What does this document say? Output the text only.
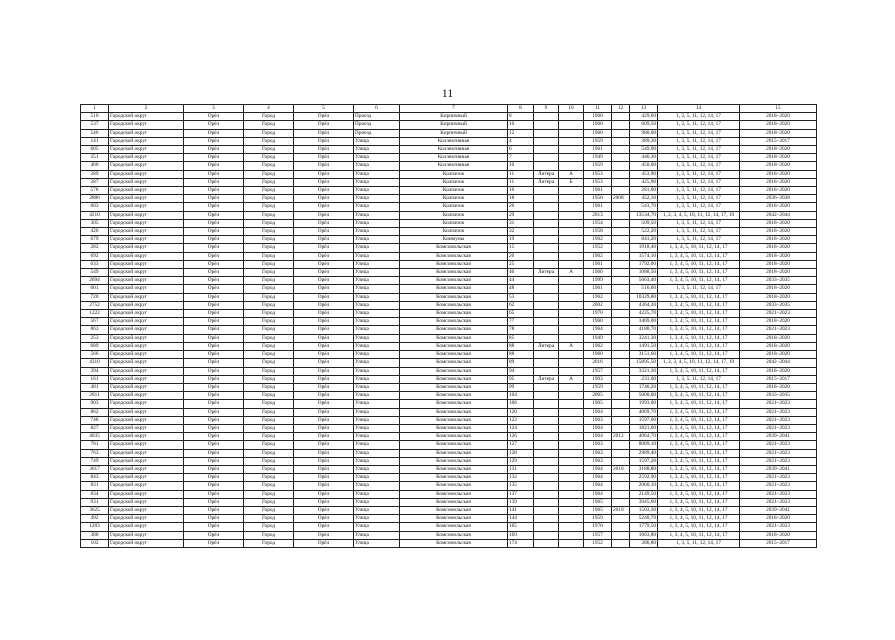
11
1	2	3	4	5	6	7	8	9	10	11	12	13	14	15
510	Городской округ	Орёл	Город	Орёл	Проезд	Кирпичный	8			1960		429,60	1, 3, 5, 11, 12, 14, 17	2018–2020
537	Городской округ	Орёл	Город	Орёл	Проезд	Кирпичный	10			1960		609,50	1, 3, 5, 11, 12, 14, 17	2018–2020
546	Городской округ	Орёл	Город	Орёл	Проезд	Кирпичный	12			1960		980,00	1, 3, 5, 11, 12, 14, 17	2018–2020
141	Городской округ	Орёл	Город	Орёл	Улица	Коллективная	4			1959		389,30	1, 3, 5, 11, 12, 14, 17	2015–2017
605	Городской округ	Орёл	Город	Орёл	Улица	Коллективная	6			1961		549,90	1, 3, 5, 11, 12, 14, 17	2018–2020
251	Городской округ	Орёл	Город	Орёл	Улица	Коллективная	7			1949		446,30	1, 3, 5, 11, 12, 14, 17	2018–2020
460	Городской округ	Орёл	Город	Орёл	Улица	Коллективная	10			1959		450,00	1, 3, 5, 11, 12, 14, 17	2018–2020
289	Городской округ	Орёл	Город	Орёл	Улица	Колпачок	11	Литера	А	1953		453,90	1, 3, 5, 11, 12, 14, 17	2018–2020
287	Городской округ	Орёл	Город	Орёл	Улица	Колпачок	11	Литера	Б	1953		425,90	1, 3, 5, 11, 12, 14, 17	2018–2020
578	Городской округ	Орёл	Город	Орёл	Улица	Колпачок	16			1961		281,00	1, 3, 5, 11, 12, 14, 17	2018–2020
2886	Городской округ	Орёл	Город	Орёл	Улица	Колпачок	18			1950	2008	452,10	1, 3, 5, 11, 12, 14, 17	2036–2038
603	Городской округ	Орёл	Город	Орёл	Улица	Колпачок	26			1961		543,70	1, 3, 5, 11, 12, 14, 17	2018–2020
4210	Городской округ	Орёл	Город	Орёл	Улица	Колпачок	29			2013		13534,70	1, 2, 3, 4, 5, 10, 11, 12, 14, 17, 19	2042–2044
305	Городской округ	Орёл	Город	Орёл	Улица	Колпачок	31			1954		509,50	1, 3, 5, 11, 12, 14, 17	2018–2020
420	Городской округ	Орёл	Город	Орёл	Улица	Колпачок	32			1958		522,20	1, 3, 5, 11, 12, 14, 17	2018–2020
679	Городской округ	Орёл	Город	Орёл	Улица	Коммуны	19			1962		841,20	1, 3, 5, 11, 12, 14, 17	2018–2020
282	Городской округ	Орёл	Город	Орёл	Улица	Комсомольская	15			1952		1918,40	1, 3, 4, 5, 10, 11, 12, 14, 17	2018–2020
692	Городской округ	Орёл	Город	Орёл	Улица	Комсомольская	20			1962		1574,10	1, 3, 4, 5, 10, 11, 12, 14, 17	2018–2020
633	Городской округ	Орёл	Город	Орёл	Улица	Комсомольская	25			1961		1792,00	1, 3, 4, 5, 10, 11, 12, 14, 17	2018–2020
549	Городской округ	Орёл	Город	Орёл	Улица	Комсомольская	40	Литера	А	1960		1088,50	1, 3, 4, 5, 10, 11, 12, 14, 17	2018–2020
2694	Городской округ	Орёл	Город	Орёл	Улица	Комсомольская	44			1999		5663,40	1, 3, 4, 5, 10, 11, 12, 14, 17	2033–2035
601	Городской округ	Орёл	Город	Орёл	Улица	Комсомольская	48			1961		516,00	1, 3, 5, 11, 12, 14, 17	2018–2020
720	Городской округ	Орёл	Город	Орёл	Улица	Комсомольская	53			1962		10329,80	1, 3, 4, 5, 10, 11, 12, 14, 17	2018–2020
2752	Городской округ	Орёл	Город	Орёл	Улица	Комсомольская	62			2002		4364,30	1, 3, 4, 5, 10, 11, 12, 14, 17	2033–2035
1222	Городской округ	Орёл	Город	Орёл	Улица	Комсомольская	65			1970		4225,70	1, 3, 4, 5, 10, 11, 12, 14, 17	2021–2023
567	Городской округ	Орёл	Город	Орёл	Улица	Комсомольская	77			1960		3469,00	1, 3, 4, 5, 10, 11, 12, 14, 17	2018–2020
863	Городской округ	Орёл	Город	Орёл	Улица	Комсомольская	78			1964		4180,70	1, 3, 4, 5, 10, 11, 12, 14, 17	2021–2023
253	Городской округ	Орёл	Город	Орёл	Улица	Комсомольская	85			1949		3241,30	1, 3, 4, 5, 10, 11, 12, 14, 17	2018–2020
689	Городской округ	Орёл	Город	Орёл	Улица	Комсомольская	88	Литера	А	1962		1491,50	1, 3, 4, 5, 10, 11, 12, 14, 17	2018–2020
566	Городской округ	Орёл	Город	Орёл	Улица	Комсомольская	88			1960		3151,60	1, 3, 4, 5, 10, 11, 12, 14, 17	2018–2020
4310	Городской округ	Орёл	Город	Орёл	Улица	Комсомольская	89			2016		15895,50	1, 2, 3, 4, 5, 10, 11, 12, 14, 17, 19	2042–2044
394	Городской округ	Орёл	Город	Орёл	Улица	Комсомольская	94			1957		3321,30	1, 3, 4, 5, 10, 11, 12, 14, 17	2018–2020
161	Городской округ	Орёл	Город	Орёл	Улица	Комсомольская	95	Литера	А	1963		231,00	1, 3, 5, 11, 12, 14, 17	2015–2017
481	Городской округ	Орёл	Город	Орёл	Улица	Комсомольская	99			1959		1746,20	1, 3, 4, 5, 10, 11, 12, 14, 17	2018–2020
2811	Городской округ	Орёл	Город	Орёл	Улица	Комсомольская	104			2005		5000,00	1, 3, 4, 5, 10, 11, 12, 14, 17	2033–2035
903	Городской округ	Орёл	Город	Орёл	Улица	Комсомольская	106			1965		1993,00	1, 3, 4, 5, 10, 11, 12, 14, 17	2021–2023
862	Городской округ	Орёл	Город	Орёл	Улица	Комсомольская	120			1964		4069,70	1, 3, 4, 5, 10, 11, 12, 14, 17	2021–2023
748	Городской округ	Орёл	Город	Орёл	Улица	Комсомольская	122			1963		1597,00	1, 3, 4, 5, 10, 11, 12, 14, 17	2021–2023
827	Городской округ	Орёл	Город	Орёл	Улица	Комсомольская	124			1964		1821,60	1, 3, 4, 5, 10, 11, 12, 14, 17	2021–2023
4035	Городской округ	Орёл	Город	Орёл	Улица	Комсомольская	126			1964	2012	4064,70	1, 3, 4, 5, 10, 11, 12, 14, 17	2039–2041
781	Городской округ	Орёл	Город	Орёл	Улица	Комсомольская	127			1963		8089,10	1, 3, 4, 5, 10, 11, 12, 14, 17	2021–2023
763	Городской округ	Орёл	Город	Орёл	Улица	Комсомольская	128			1963		2989,40	1, 3, 4, 5, 10, 11, 12, 14, 17	2021–2023
749	Городской округ	Орёл	Город	Орёл	Улица	Комсомольская	129			1963		1597,20	1, 3, 4, 5, 10, 11, 12, 14, 17	2021–2023
3617	Городской округ	Орёл	Город	Орёл	Улица	Комсомольская	131			1964	2010	3188,80	1, 3, 4, 5, 10, 11, 12, 14, 17	2039–2041
843	Городской округ	Орёл	Город	Орёл	Улица	Комсомольская	132			1964		2592,90	1, 3, 4, 5, 10, 11, 12, 14, 17	2021–2023
831	Городской округ	Орёл	Город	Орёл	Улица	Комсомольская	135			1964		2060,10	1, 3, 4, 5, 10, 11, 12, 14, 17	2021–2023
834	Городской округ	Орёл	Город	Орёл	Улица	Комсомольская	137			1964		2149,50	1, 3, 4, 5, 10, 11, 12, 14, 17	2021–2023
931	Городской округ	Орёл	Город	Орёл	Улица	Комсомольская	139			1965		3945,60	1, 3, 4, 5, 10, 11, 12, 14, 17	2021–2023
3625	Городской округ	Орёл	Город	Орёл	Улица	Комсомольская	141			1965	2010	1503,30	1, 3, 4, 5, 10, 11, 12, 14, 17	2039–2041
492	Городской округ	Орёл	Город	Орёл	Улица	Комсомольская	144			1959		5240,70	1, 3, 4, 5, 10, 11, 12, 14, 17	2018–2020
1203	Городской округ	Орёл	Город	Орёл	Улица	Комсомольская	165			1970		1779,50	1, 3, 4, 5, 10, 11, 12, 14, 17	2021–2023
388	Городской округ	Орёл	Город	Орёл	Улица	Комсомольская	169			1957		1663,80	1, 3, 4, 5, 10, 11, 12, 14, 17	2018–2020
102	Городской округ	Орёл	Город	Орёл	Улица	Комсомольская	174			1952		386,80	1, 3, 5, 11, 12, 14, 17	2015–2017
